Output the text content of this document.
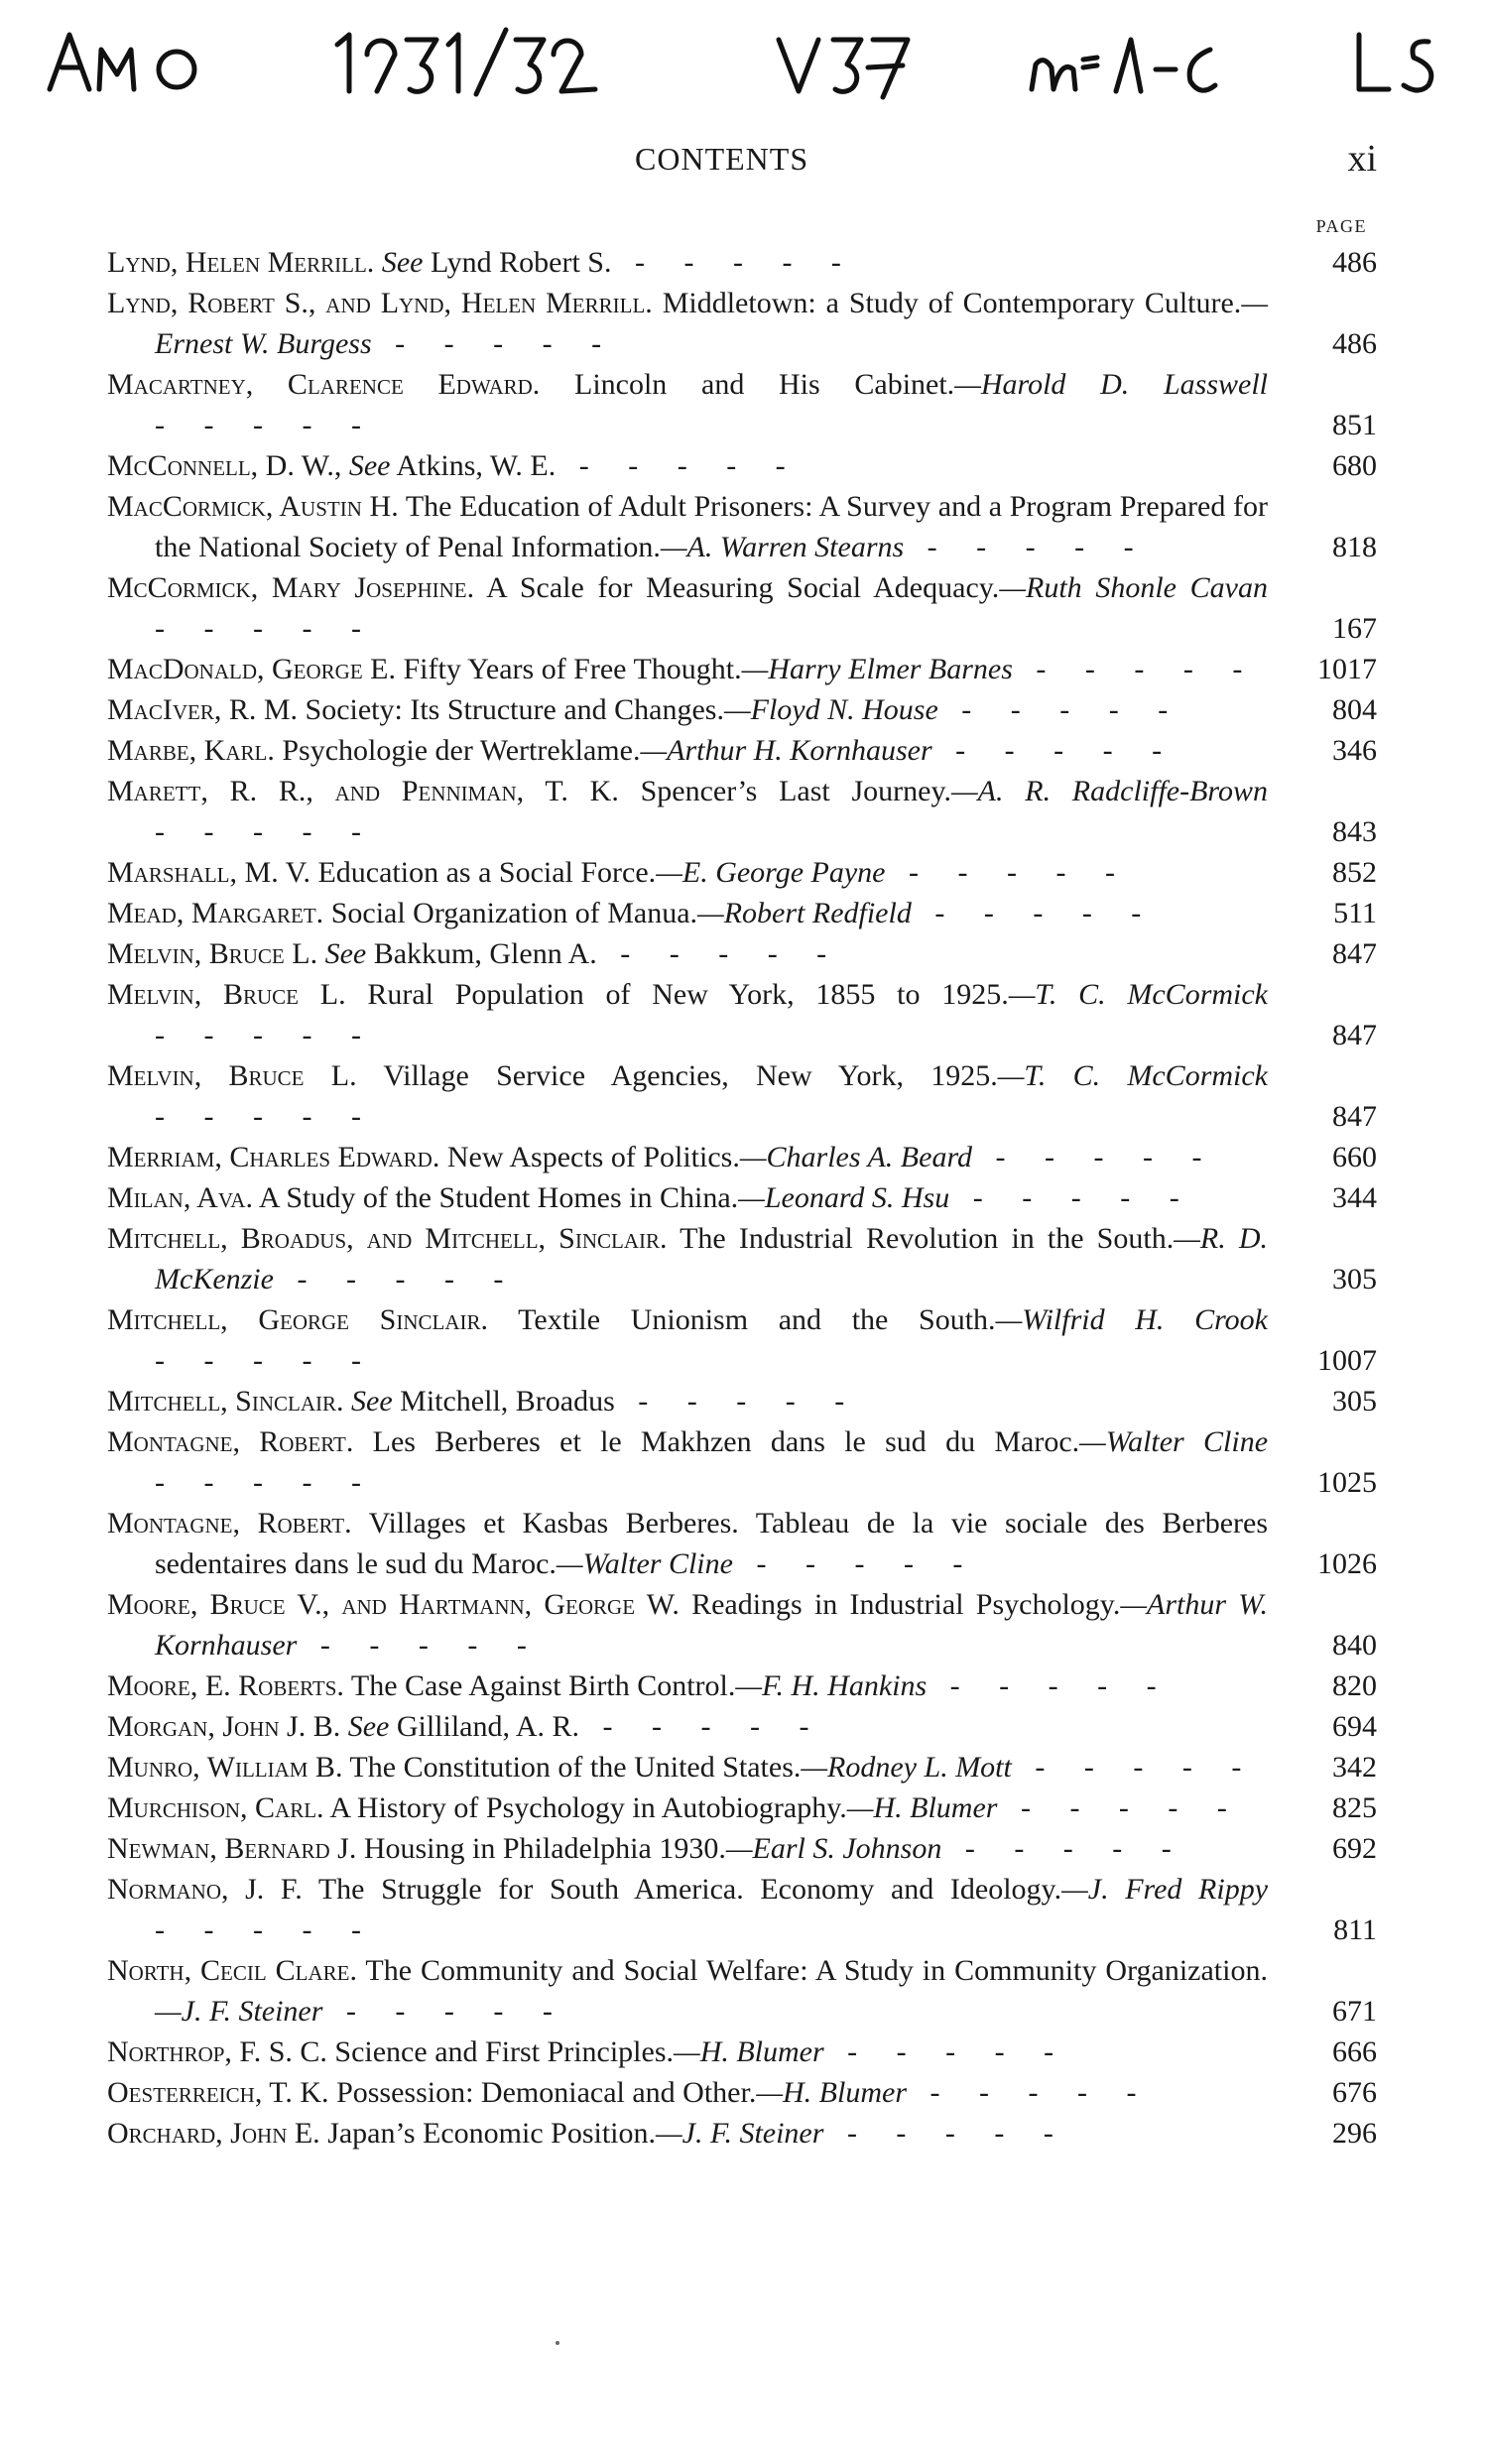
CONTENTS	xi
PAGE
Lynd, Helen Merrill. See Lynd Robert S. - - - - -	486
Lynd, Robert S., and Lynd, Helen Merrill. Middletown: a Study of Contemporary Culture.—Ernest W. Burgess - - - - -	486
Macartney, Clarence Edward. Lincoln and His Cabinet.—Harold D. Lasswell - - - - -	851
McConnell, D. W., See Atkins, W. E. - - - - -	680
MacCormick, Austin H. The Education of Adult Prisoners: A Survey and a Program Prepared for the National Society of Penal Information.—A. Warren Stearns - - - - -	818
McCormick, Mary Josephine. A Scale for Measuring Social Adequacy.—Ruth Shonle Cavan - - - - -	167
MacDonald, George E. Fifty Years of Free Thought.—Harry Elmer Barnes - - - - -	1017
MacIver, R. M. Society: Its Structure and Changes.—Floyd N. House - - - - -	804
Marbe, Karl. Psychologie der Wertreklame.—Arthur H. Kornhauser - - - - -	346
Marett, R. R., and Penniman, T. K. Spencer’s Last Journey.—A. R. Radcliffe-Brown - - - - -	843
Marshall, M. V. Education as a Social Force.—E. George Payne - - - - -	852
Mead, Margaret. Social Organization of Manua.—Robert Redfield - - - - -	511
Melvin, Bruce L. See Bakkum, Glenn A. - - - - -	847
Melvin, Bruce L. Rural Population of New York, 1855 to 1925.—T. C. McCormick - - - - -	847
Melvin, Bruce L. Village Service Agencies, New York, 1925.—T. C. McCormick - - - - -	847
Merriam, Charles Edward. New Aspects of Politics.—Charles A. Beard - - - - -	660
Milan, Ava. A Study of the Student Homes in China.—Leonard S. Hsu - - - - -	344
Mitchell, Broadus, and Mitchell, Sinclair. The Industrial Revolution in the South.—R. D. McKenzie - - - - -	305
Mitchell, George Sinclair. Textile Unionism and the South.—Wilfrid H. Crook - - - - -	1007
Mitchell, Sinclair. See Mitchell, Broadus - - - - -	305
Montagne, Robert. Les Berberes et le Makhzen dans le sud du Maroc.—Walter Cline - - - - -	1025
Montagne, Robert. Villages et Kasbas Berberes. Tableau de la vie sociale des Berberes sedentaires dans le sud du Maroc.—Walter Cline - - - - -	1026
Moore, Bruce V., and Hartmann, George W. Readings in Industrial Psychology.—Arthur W. Kornhauser - - - - -	840
Moore, E. Roberts. The Case Against Birth Control.—F. H. Hankins - - - - -	820
Morgan, John J. B. See Gilliland, A. R. - - - - -	694
Munro, William B. The Constitution of the United States.—Rodney L. Mott - - - - -	342
Murchison, Carl. A History of Psychology in Autobiography.—H. Blumer - - - - -	825
Newman, Bernard J. Housing in Philadelphia 1930.—Earl S. Johnson - - - - -	692
Normano, J. F. The Struggle for South America. Economy and Ideology.—J. Fred Rippy - - - - -	811
North, Cecil Clare. The Community and Social Welfare: A Study in Community Organization.—J. F. Steiner - - - - -	671
Northrop, F. S. C. Science and First Principles.—H. Blumer - - - - -	666
Oesterreich, T. K. Possession: Demoniacal and Other.—H. Blumer - - - - -	676
Orchard, John E. Japan’s Economic Position.—J. F. Steiner - - - - -	296
